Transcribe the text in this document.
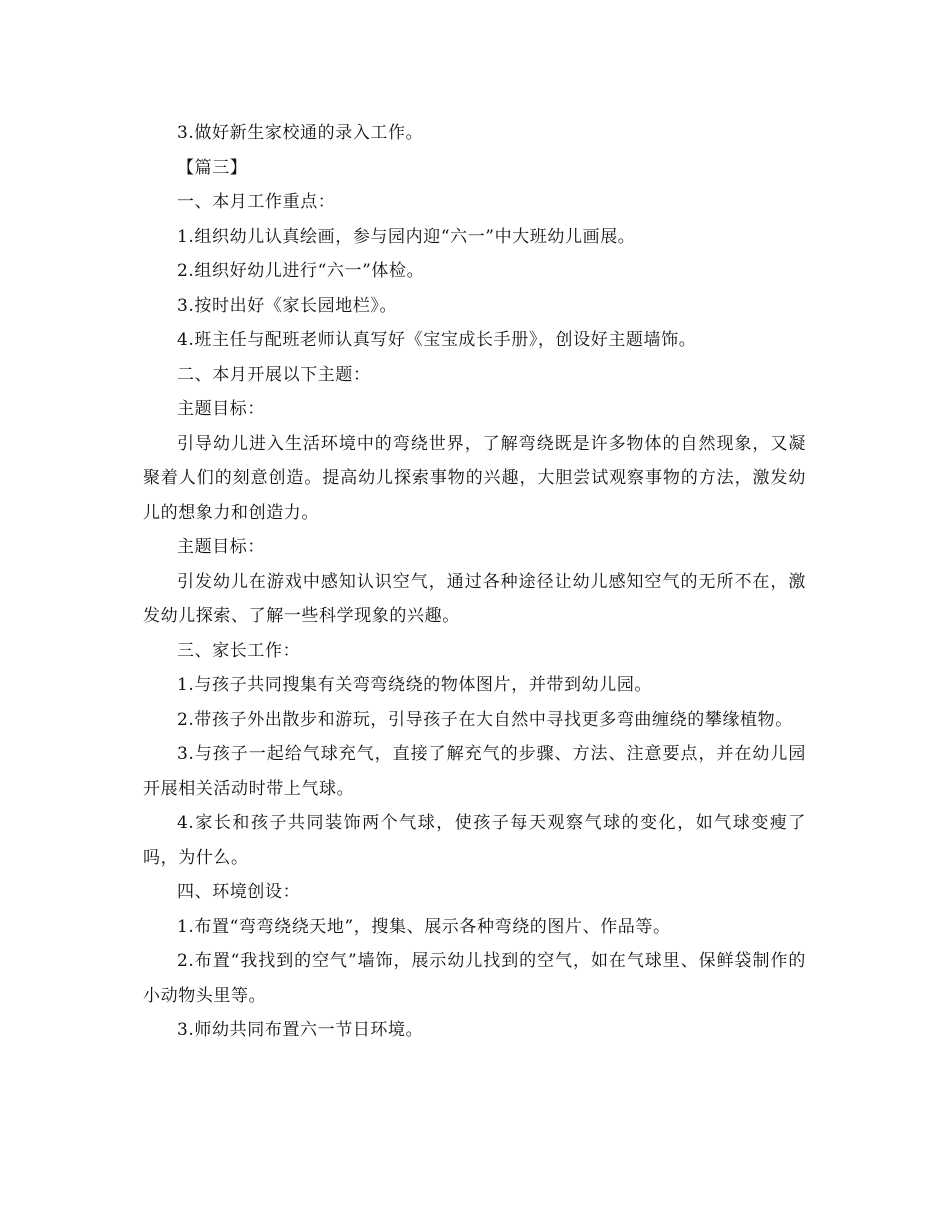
3.做好新生家校通的录入工作。

【篇三】

一、本月工作重点：

1.组织幼儿认真绘画，参与园内迎“六一”中大班幼儿画展。

2.组织好幼儿进行“六一”体检。

3.按时出好《家长园地栏》。

4.班主任与配班老师认真写好《宝宝成长手册》，创设好主题墙饰。

二、本月开展以下主题：

主题目标：

引导幼儿进入生活环境中的弯绕世界，了解弯绕既是许多物体的自然现象，又凝聚着人们的刻意创造。提高幼儿探索事物的兴趣，大胆尝试观察事物的方法，激发幼儿的想象力和创造力。

主题目标：

引发幼儿在游戏中感知认识空气，通过各种途径让幼儿感知空气的无所不在，激发幼儿探索、了解一些科学现象的兴趣。

三、家长工作：

1.与孩子共同搜集有关弯弯绕绕的物体图片，并带到幼儿园。

2.带孩子外出散步和游玩，引导孩子在大自然中寻找更多弯曲缠绕的攀缘植物。

3.与孩子一起给气球充气，直接了解充气的步骤、方法、注意要点，并在幼儿园开展相关活动时带上气球。

4.家长和孩子共同装饰两个气球，使孩子每天观察气球的变化，如气球变瘦了吗，为什么。

四、环境创设：

1.布置“弯弯绕绕天地”，搜集、展示各种弯绕的图片、作品等。

2.布置“我找到的空气”墙饰，展示幼儿找到的空气，如在气球里、保鲜袋制作的小动物头里等。

3.师幼共同布置六一节日环境。
